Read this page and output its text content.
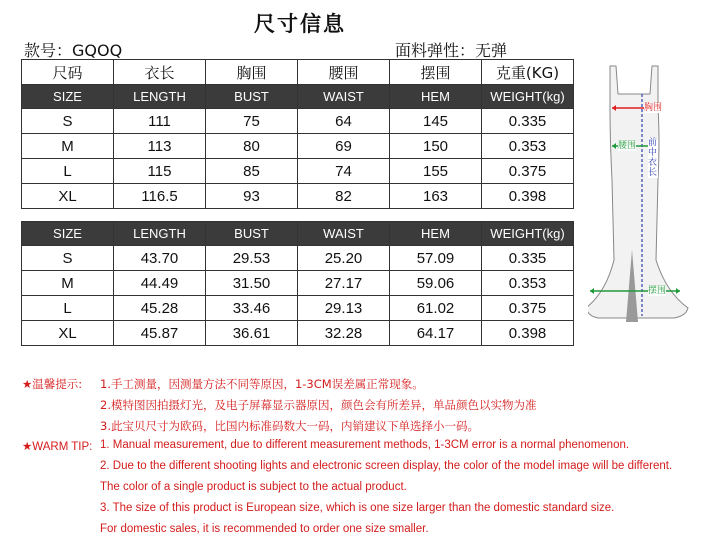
尺寸信息
款号：GQOQ	面料弹性：无弹
尺码	衣长	胸围	腰围	摆围	克重(KG)
SIZE	LENGTH	BUST	WAIST	HEM	WEIGHT(kg)
S	111	75	64	145	0.335
M	113	80	69	150	0.353
L	115	85	74	155	0.375
XL	116.5	93	82	163	0.398
SIZE	LENGTH	BUST	WAIST	HEM	WEIGHT(kg)
S	43.70	29.53	25.20	57.09	0.335
M	44.49	31.50	27.17	59.06	0.353
L	45.28	33.46	29.13	61.02	0.375
XL	45.87	36.61	32.28	64.17	0.398
胸围
腰围 前中衣长
摆围
★温馨提示: 1.手工测量，因测量方法不同等原因，1-3CM误差属正常现象。
2.模特图因拍摄灯光，及电子屏幕显示器原因，颜色会有所差异，单品颜色以实物为准
3.此宝贝尺寸为欧码，比国内标准码数大一码，内销建议下单选择小一码。
★WARM TIP: 1. Manual measurement, due to different measurement methods, 1-3CM error is a normal phenomenon.
2. Due to the different shooting lights and electronic screen display, the color of the model image will be different.
The color of a single product is subject to the actual product.
3. The size of this product is European size, which is one size larger than the domestic standard size.
For domestic sales, it is recommended to order one size smaller.
